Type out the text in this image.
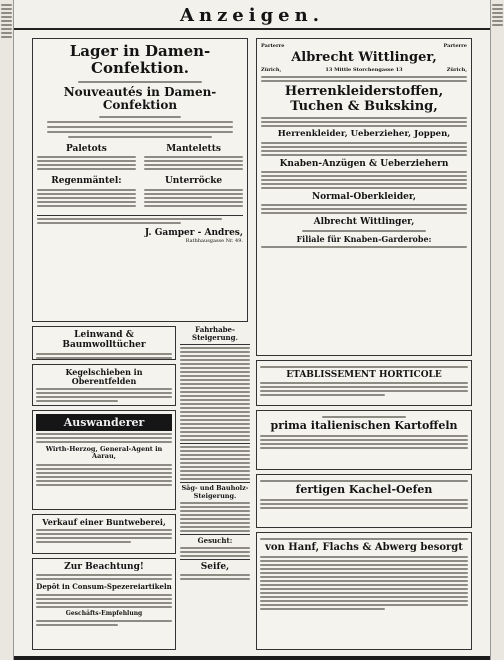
Anzeigen.
Lager in Damen-Confektion.
Nouveautés in Damen-Confektion
Paletots
Regenmäntel:
Manteletts
Unterröcke
J. Gamper - Andres,
Rathhausgasse Nr. 49.
Leinwand & Baumwolltücher
Kegelschieben in Oberentfelden
Auswanderer
Wirth-Herzog, General-Agent in Aarau,
Verkauf einer Buntweberei,
Zur Beachtung!
Depôt in Consum-Spezereiartikeln
Geschäfts-Empfehlung
Fahrhabe-Steigerung.
Säg- und Bauholz-Steigerung.
Gesucht:
Seife,
Parterre	Parterre
Albrecht Wittlinger,
Zürich,	13 Mittle Storchengasse 13	Zürich,
Herrenkleiderstoffen,
Tuchen & Buksking,
Herrenkleider, Ueberzieher, Joppen,
Knaben-Anzügen & Ueberziehern
Normal-Oberkleider,
Albrecht Wittlinger,
Filiale für Knaben-Garderobe:
ETABLISSEMENT HORTICOLE
prima italienischen Kartoffeln
fertigen Kachel-Oefen
von Hanf, Flachs & Abwerg besorgt
